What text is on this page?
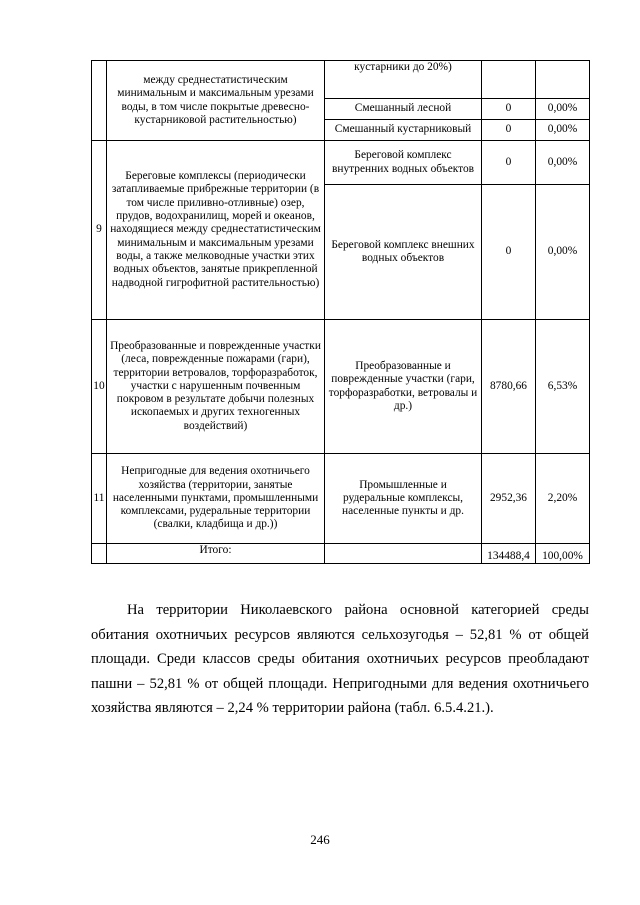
	между среднестатистическим минимальным и максимальным урезами воды, в том числе покрытые древесно-кустарниковой растительностью)	кустарники до 20%)		
		Смешанный лесной	0	0,00%
		Смешанный кустарниковый	0	0,00%
9	Береговые комплексы (периодически затапливаемые прибрежные территории (в том числе приливно-отливные) озер, прудов, водохранилищ, морей и океанов, находящиеся между среднестатистическим минимальным и максимальным урезами воды, а также мелководные участки этих водных объектов, занятые прикрепленной надводной гигрофитной растительностью)	Береговой комплекс внутренних водных объектов	0	0,00%
		Береговой комплекс внешних водных объектов	0	0,00%
10	Преобразованные и поврежденные участки (леса, поврежденные пожарами (гари), территории ветровалов, торфоразработок, участки с нарушенным почвенным покровом в результате добычи полезных ископаемых и других техногенных воздействий)	Преобразованные и поврежденные участки (гари, торфоразработки, ветровалы и др.)	8780,66	6,53%
11	Непригодные для ведения охотничьего хозяйства (территории, занятые населенными пунктами, промышленными комплексами, рудеральные территории (свалки, кладбища и др.))	Промышленные и рудеральные комплексы, населенные пункты и др.	2952,36	2,20%
	Итого:		134488,4	100,00%
На территории Николаевского района основной категорией среды
обитания охотничьих ресурсов являются сельхозугодья – 52,81 % от общей
площади. Среди классов среды обитания охотничьих ресурсов преобладают
пашни – 52,81 % от общей площади. Непригодными для ведения охотничьего
хозяйства являются – 2,24 % территории района (табл. 6.5.4.21.).
246
